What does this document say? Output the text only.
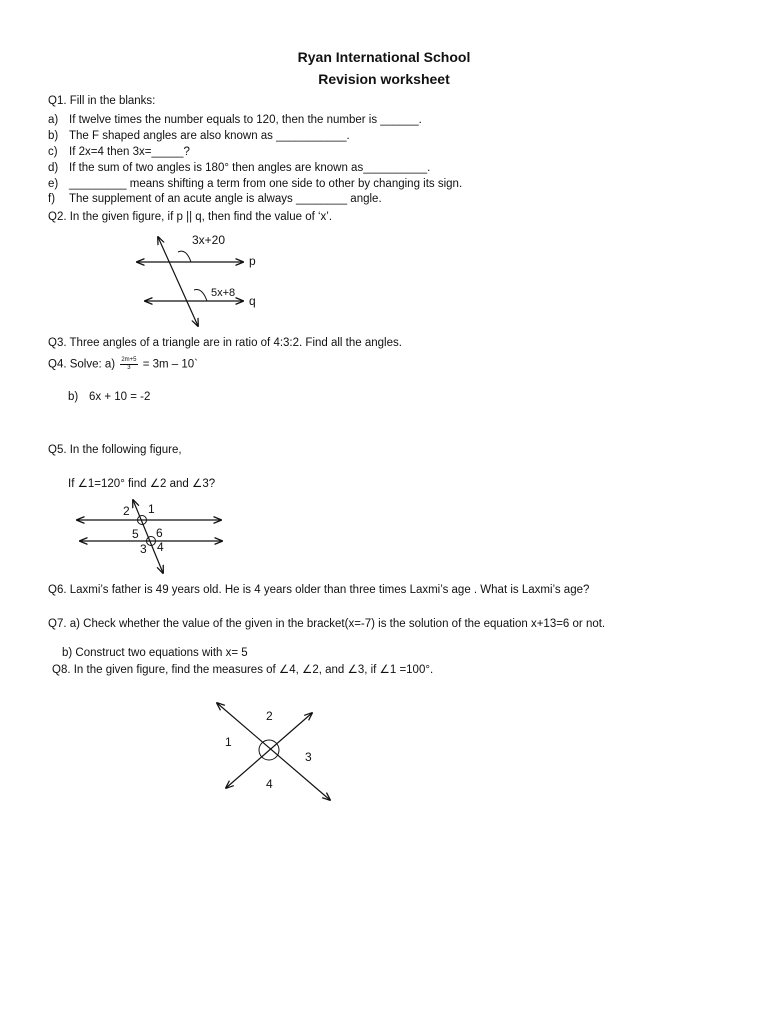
Ryan International School
Revision worksheet
Q1. Fill in the blanks:
a) If twelve times the number equals to 120, then the number is ______.
b) The F shaped angles are also known as ___________.
c) If 2x=4 then 3x=_____?
d) If the sum of two angles is 180° then angles are known as__________.
e) _________ means shifting a term from one side to other by changing its sign.
f) The supplement of an acute angle is always ________ angle.
Q2. In the given figure, if p || q, then find the value of ‘x’.
3x+20
5x+8
p
q
Q3. Three angles of a triangle are in ratio of 4:3:2. Find all the angles.
Q4. Solve: $a) \frac{2m+5}{3} = 3m$ – 10`
b) 6x + 10 = -2
Q5. In the following figure,
If ∠1=120° find ∠2 and ∠3?
2 1
5 6
3 4
Q6. Laxmi’s father is 49 years old. He is 4 years older than three times Laxmi’s age . What is Laxmi’s age?
Q7. a) Check whether the value of the given in the bracket(x=-7) is the solution of the equation x+13=6 or not.
b) Construct two equations with x= 5
Q8. In the given figure, find the measures of ∠4, ∠2, and ∠3, if ∠1 =100°.
2
1
3
4
